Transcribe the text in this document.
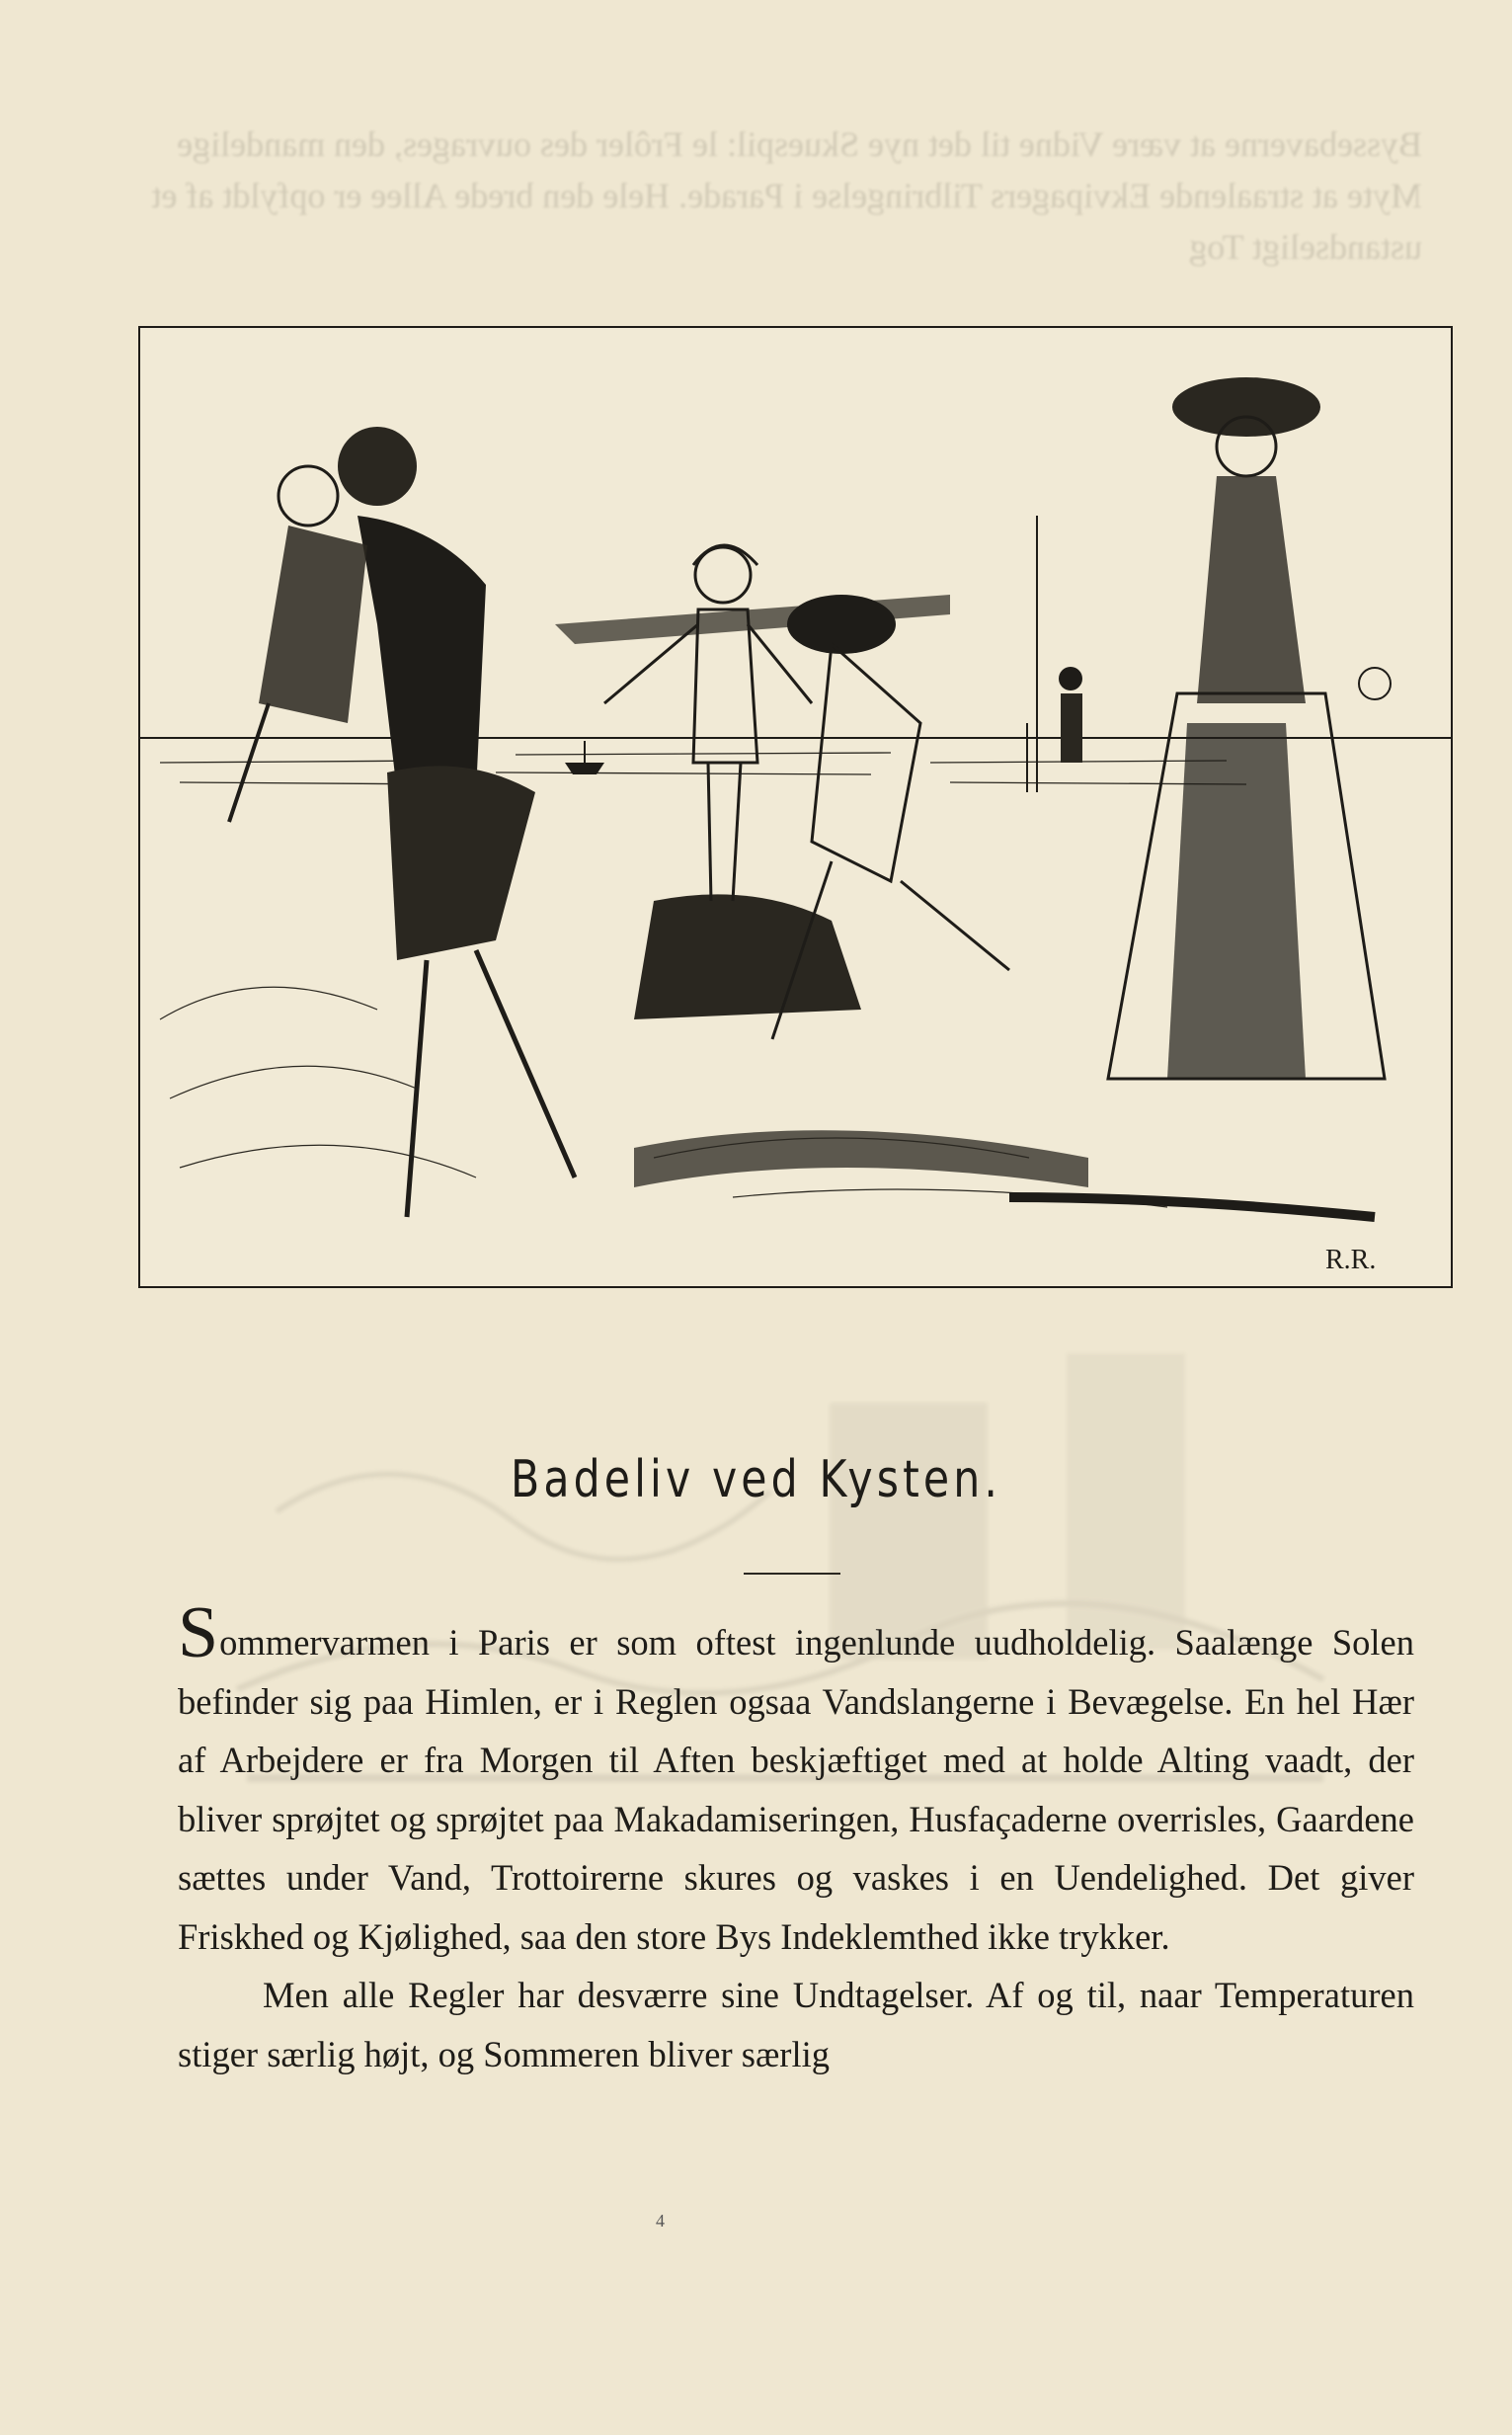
Byssebaverne at være Vidne til det nye Skuespil: le Frôler des ouvrages, den mandelige Myte at straalende Ekvipagers Tilbringelse i Parade. Hele den brede Allee er opfyldt af et ustandseligt Tog
R.R.
Badeliv ved Kysten.

Sommervarmen i Paris er som oftest ingenlunde uudholdelig. Saalænge Solen befinder sig paa Himlen, er i Reglen ogsaa Vandslangerne i Bevægelse. En hel Hær af Arbejdere er fra Morgen til Aften beskjæftiget med at holde Alting vaadt, der bliver sprøjtet og sprøjtet paa Makadamiseringen, Husfaçaderne overrisles, Gaardene sættes under Vand, Trottoirerne skures og vaskes i en Uendelighed. Det giver Friskhed og Kjølighed, saa den store Bys Indeklemthed ikke trykker.

Men alle Regler har desværre sine Undtagelser. Af og til, naar Temperaturen stiger særlig højt, og Sommeren bliver særlig

4
